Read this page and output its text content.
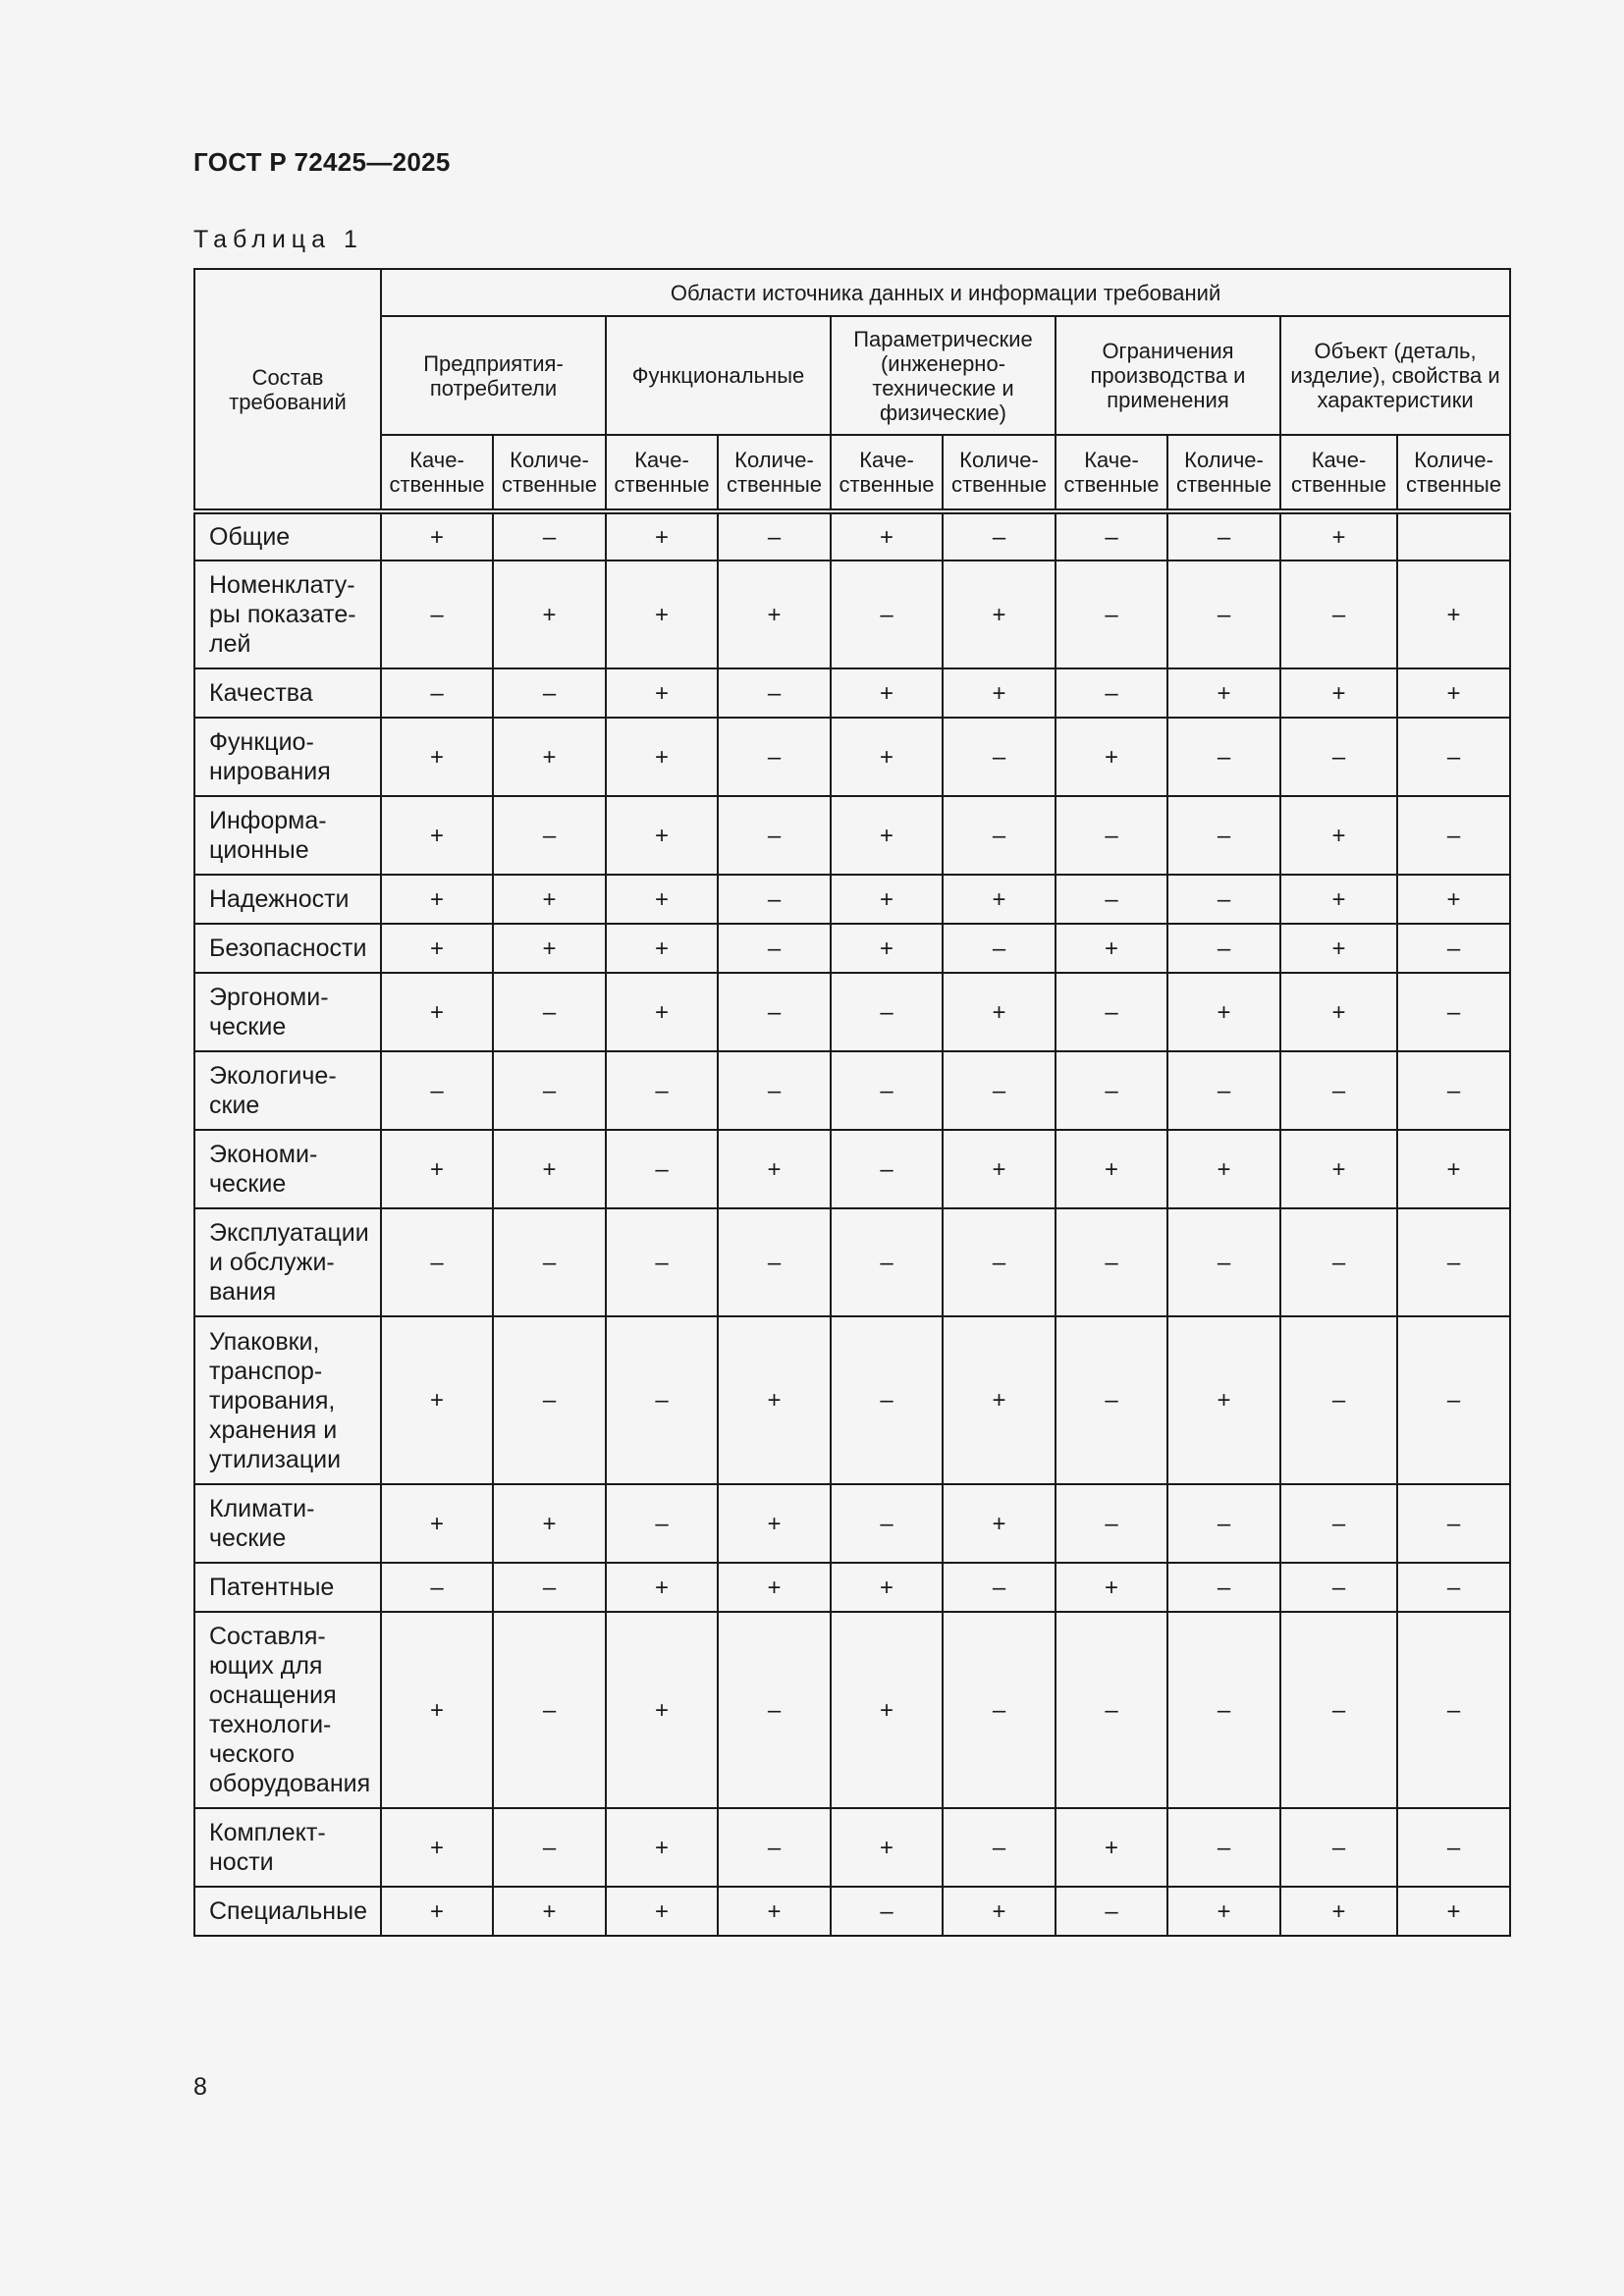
ГОСТ Р 72425—2025
Таблица 1
Состав требований	Области источника данных и информации требований									
	Предприятия-потребители		Функциональные		Параметрические (инженерно-технические и физические)		Ограничения производства и применения		Объект (деталь, изделие), свойства и характеристики	
	Каче-ственные	Количе-ственные	Каче-ственные	Количе-ственные	Каче-ственные	Количе-ственные	Каче-ственные	Количе-ственные	Каче-ственные	Количе-ственные
Общие	+	–	+	–	+	–	–	–	+	
Номенклату-ры показате-лей	–	+	+	+	–	+	–	–	–	+
Качества	–	–	+	–	+	+	–	+	+	+
Функцио-нирования	+	+	+	–	+	–	+	–	–	–
Информа-ционные	+	–	+	–	+	–	–	–	+	–
Надежности	+	+	+	–	+	+	–	–	+	+
Безопасности	+	+	+	–	+	–	+	–	+	–
Эргономи-ческие	+	–	+	–	–	+	–	+	+	–
Экологиче-ские	–	–	–	–	–	–	–	–	–	–
Экономи-ческие	+	+	–	+	–	+	+	+	+	+
Эксплуатации и обслужи-вания	–	–	–	–	–	–	–	–	–	–
Упаковки, транспор-тирования, хранения и утилизации	+	–	–	+	–	+	–	+	–	–
Климати-ческие	+	+	–	+	–	+	–	–	–	–
Патентные	–	–	+	+	+	–	+	–	–	–
Составля-ющих для оснащения технологи-ческого оборудования	+	–	+	–	+	–	–	–	–	–
Комплект-ности	+	–	+	–	+	–	+	–	–	–
Специальные	+	+	+	+	–	+	–	+	+	+
8
